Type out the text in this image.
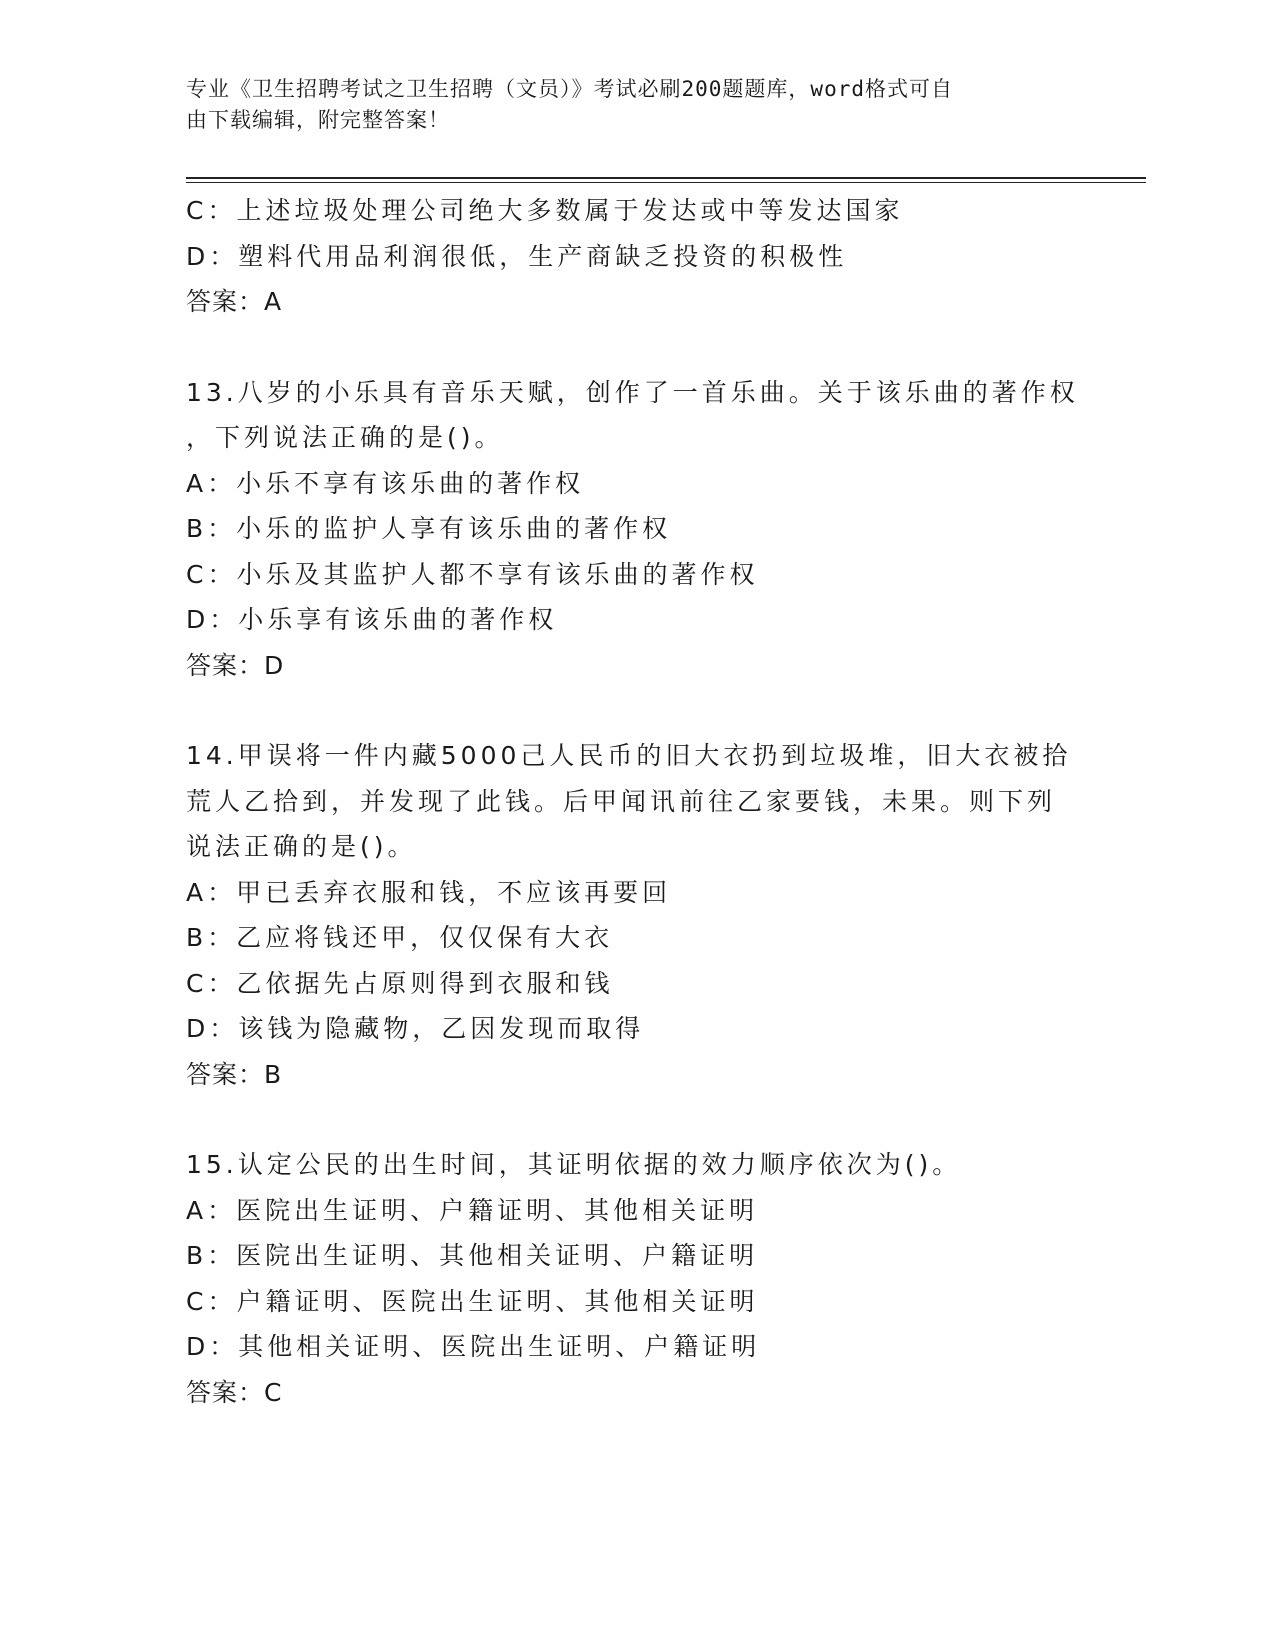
专业《卫生招聘考试之卫生招聘（文员）》考试必刷200题题库，word格式可自
由下载编辑，附完整答案！
C：上述垃圾处理公司绝大多数属于发达或中等发达国家
D：塑料代用品利润很低，生产商缺乏投资的积极性
答案：A
13.八岁的小乐具有音乐天赋，创作了一首乐曲。关于该乐曲的著作权
，下列说法正确的是()。
A：小乐不享有该乐曲的著作权
B：小乐的监护人享有该乐曲的著作权
C：小乐及其监护人都不享有该乐曲的著作权
D：小乐享有该乐曲的著作权
答案：D
14.甲误将一件内藏5000己人民币的旧大衣扔到垃圾堆，旧大衣被拾
荒人乙拾到，并发现了此钱。后甲闻讯前往乙家要钱，未果。则下列
说法正确的是()。
A：甲已丢弃衣服和钱，不应该再要回
B：乙应将钱还甲，仅仅保有大衣
C：乙依据先占原则得到衣服和钱
D：该钱为隐藏物，乙因发现而取得
答案：B
15.认定公民的出生时间，其证明依据的效力顺序依次为()。
A：医院出生证明、户籍证明、其他相关证明
B：医院出生证明、其他相关证明、户籍证明
C：户籍证明、医院出生证明、其他相关证明
D：其他相关证明、医院出生证明、户籍证明
答案：C
